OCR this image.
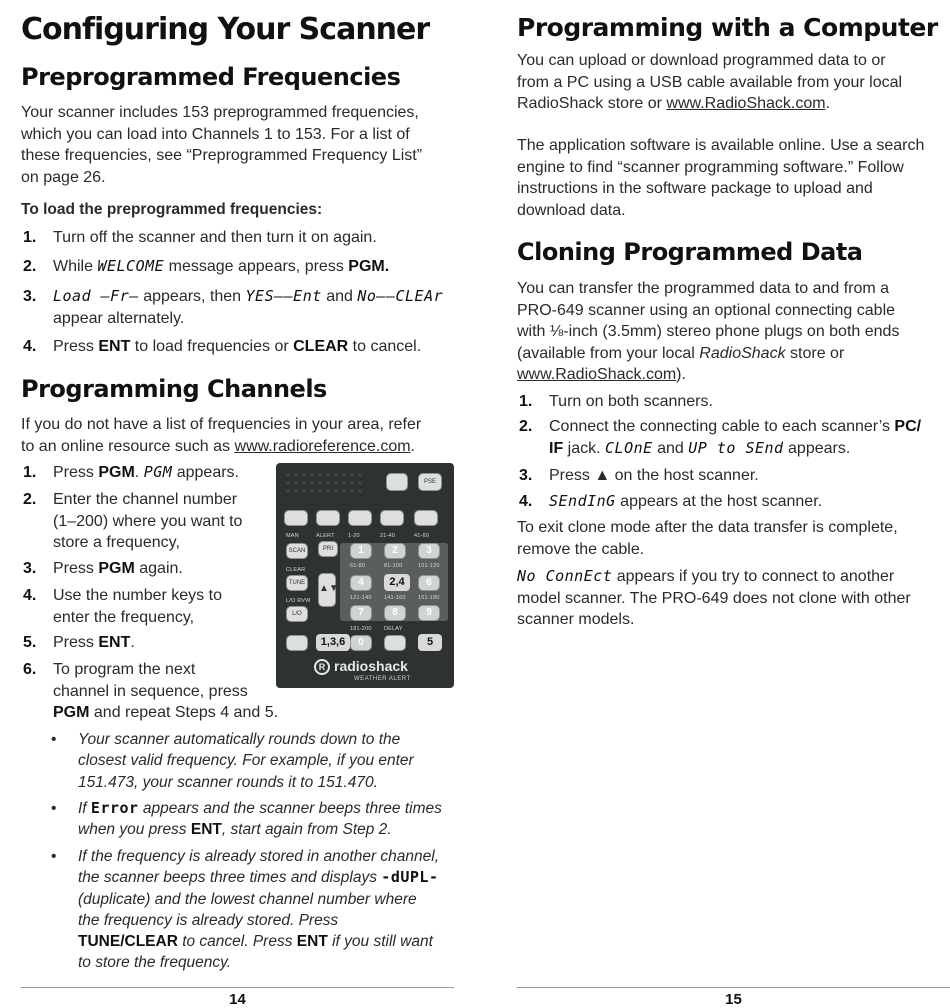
Configuring Your Scanner
Preprogrammed Frequencies

Your scanner includes 153 preprogrammed frequencies,
which you can load into Channels 1 to 153. For a list of
these frequencies, see “Preprogrammed Frequency List”
on page 26.

To load the preprogrammed frequencies:

1.	Turn off the scanner and then turn it on again.
2.	While WELCOME message appears, press PGM.
3.	Load –Fr– appears, then YES––Ent and No––CLEAr
appear alternately.
4.	Press ENT to load frequencies or CLEAR to cancel.
Programming Channels

If you do not have a list of frequencies in your area, refer
to an online resource such as www.radioreference.com.

1.	Press PGM. PGM appears.
2.	Enter the channel number
(1–200) where you want to
store a frequency,
3.	Press PGM again.
4.	Use the number keys to
enter the frequency,
5.	Press ENT.
6.	To program the next
channel in sequence, press
PGM and repeat Steps 4 and 5.
•	Your scanner automatically rounds down to the
closest valid frequency. For example, if you enter
151.473, your scanner rounds it to 151.470.
•	If Error appears and the scanner beeps three times
when you press ENT, start again from Step 2.
•	If the frequency is already stored in another channel,
the scanner beeps three times and displays -dUPL-
(duplicate) and the lowest channel number where
the frequency is already stored. Press
TUNE/CLEAR to cancel. Press ENT if you still want
to store the frequency.
14
PSE
MAN	ALERT 1-20	21-40	41-60
SCAN	PRI	1	2	3
CLEAR
61-80	81-100	101-120
TUNE ▲▼
4	6
L/O RVW	121-140 141-160 161-180
L/O	7	8	9
181-200 DELAY
0
1,3,6
2,4
5
R radioshack
WEATHER ALERT
Programming with a Computer

You can upload or download programmed data to or
from a PC using a USB cable available from your local
RadioShack store or www.RadioShack.com.

The application software is available online. Use a search
engine to find “scanner programming software.” Follow
instructions in the software package to upload and
download data.

Cloning Programmed Data

You can transfer the programmed data to and from a
PRO-649 scanner using an optional connecting cable
with ⅛-inch (3.5mm) stereo phone plugs on both ends
(available from your local RadioShack store or
www.RadioShack.com).

1.	Turn on both scanners.
2.	Connect the connecting cable to each scanner’s PC/
IF jack. CLOnE and UP to SEnd appears.
3.	Press ▲ on the host scanner.
4.	SEndInG appears at the host scanner.

To exit clone mode after the data transfer is complete,
remove the cable.

No ConnEct appears if you try to connect to another
model scanner. The PRO-649 does not clone with other
scanner models.

15
